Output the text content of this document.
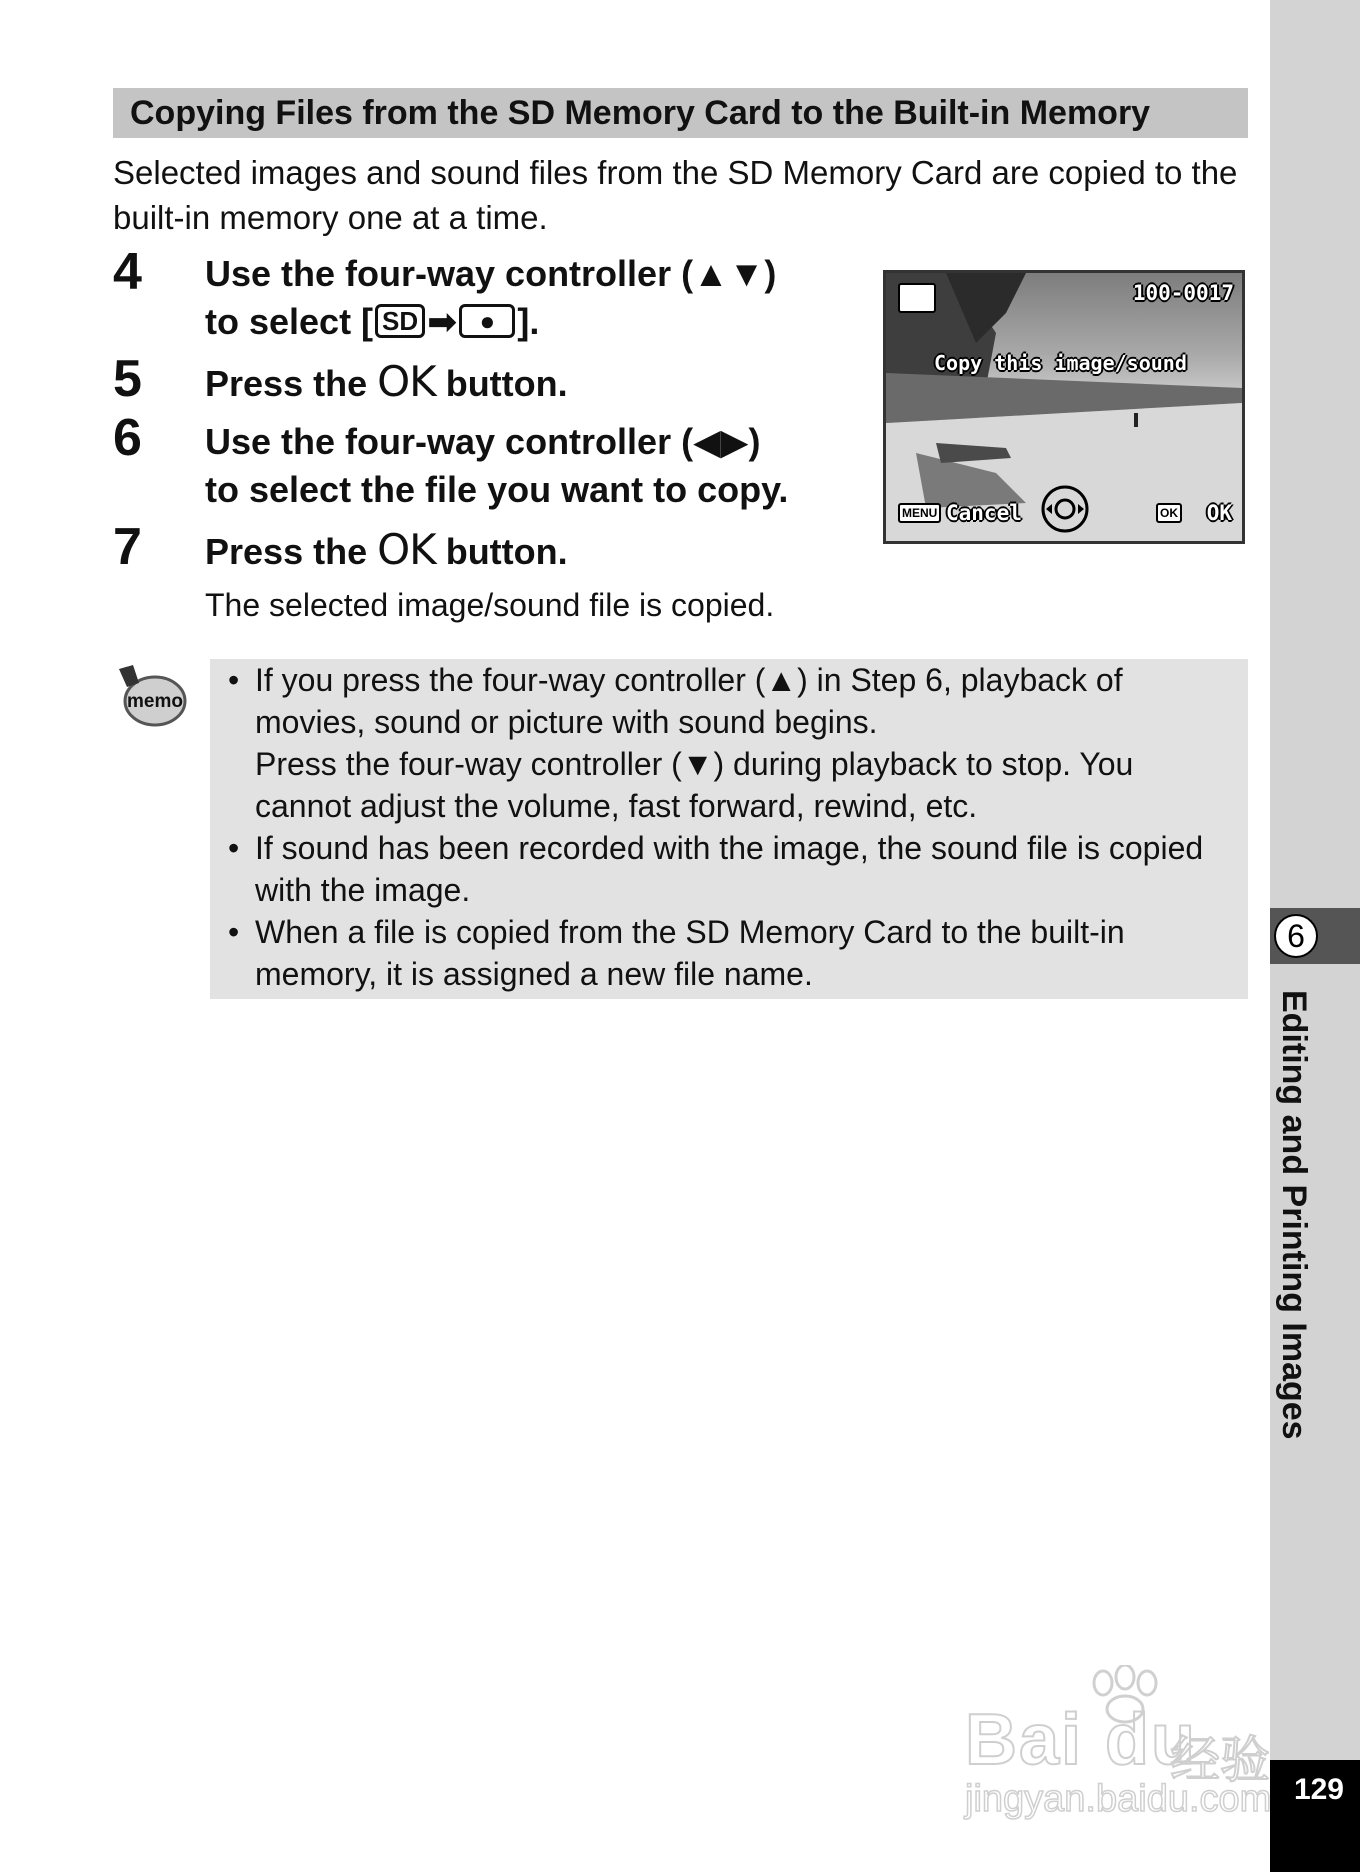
Copying Files from the SD Memory Card to the Built-in Memory

Selected images and sound files from the SD Memory Card are copied to the built-in memory one at a time.

4 Use the four-way controller (▲▼)
to select [ SD ➡ ● ].
5 Press the OK button.
6 Use the four-way controller (◀▶)
to select the file you want to copy.
7 Press the OK button.
The selected image/sound file is copied.
100-0017
Copy this image/sound
MENU Cancel	OK OK
memo
• If you press the four-way controller (▲) in Step 6, playback of
movies, sound or picture with sound begins.
Press the four-way controller (▼) during playback to stop. You
cannot adjust the volume, fast forward, rewind, etc.
• If sound has been recorded with the image, the sound file is copied
with the image.
• When a file is copied from the SD Memory Card to the built-in
memory, it is assigned a new file name.
6
Editing and Printing Images
129
Bai du
经验
jingyan.baidu.com
